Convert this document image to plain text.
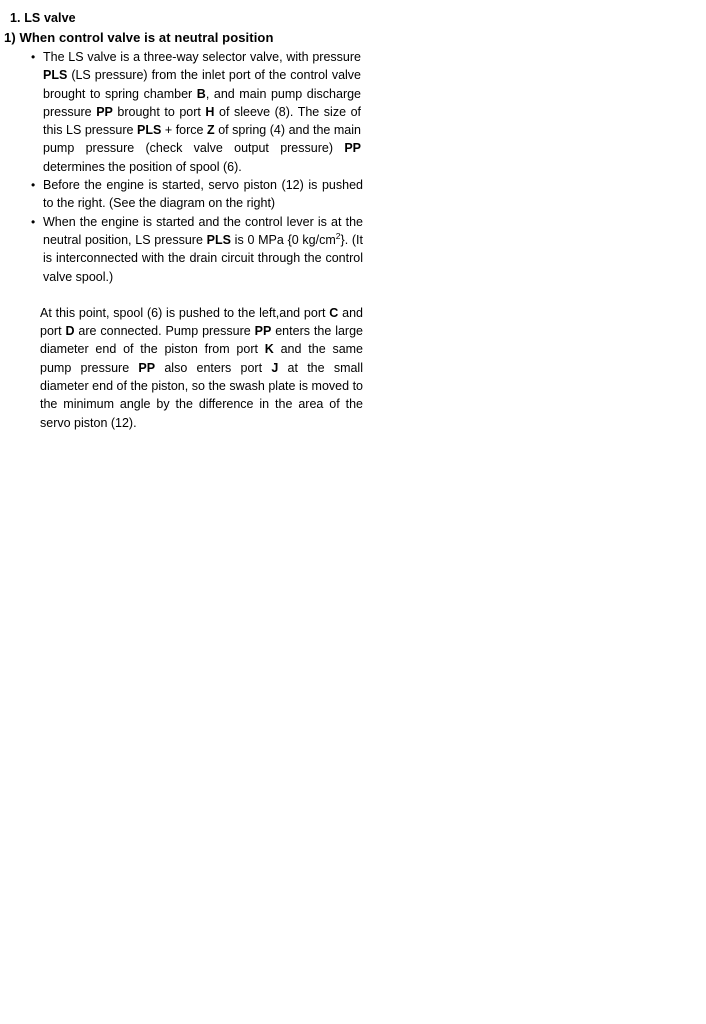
1. LS valve
1) When control valve is at neutral position
• The LS valve is a three-way selector valve, with pressure PLS (LS pressure) from the inlet port of the control valve brought to spring chamber B, and main pump discharge pressure PP brought to port H of sleeve (8). The size of this LS pressure PLS + force Z of spring (4) and the main pump pressure (check valve output pressure) PP determines the position of spool (6).
• Before the engine is started, servo piston (12) is pushed to the right. (See the diagram on the right)
• When the engine is started and the control lever is at the neutral position, LS pressure PLS is 0 MPa {0 $kg/cm^2$}. (It is interconnected with the drain circuit through the control valve spool.)
At this point, spool (6) is pushed to the left,and port C and port D are connected. Pump pressure PP enters the large diameter end of the piston from port K and the same pump pressure PP also enters port J at the small diameter end of the piston, so the swash plate is moved to the minimum angle by the difference in the area of the servo piston (12).
